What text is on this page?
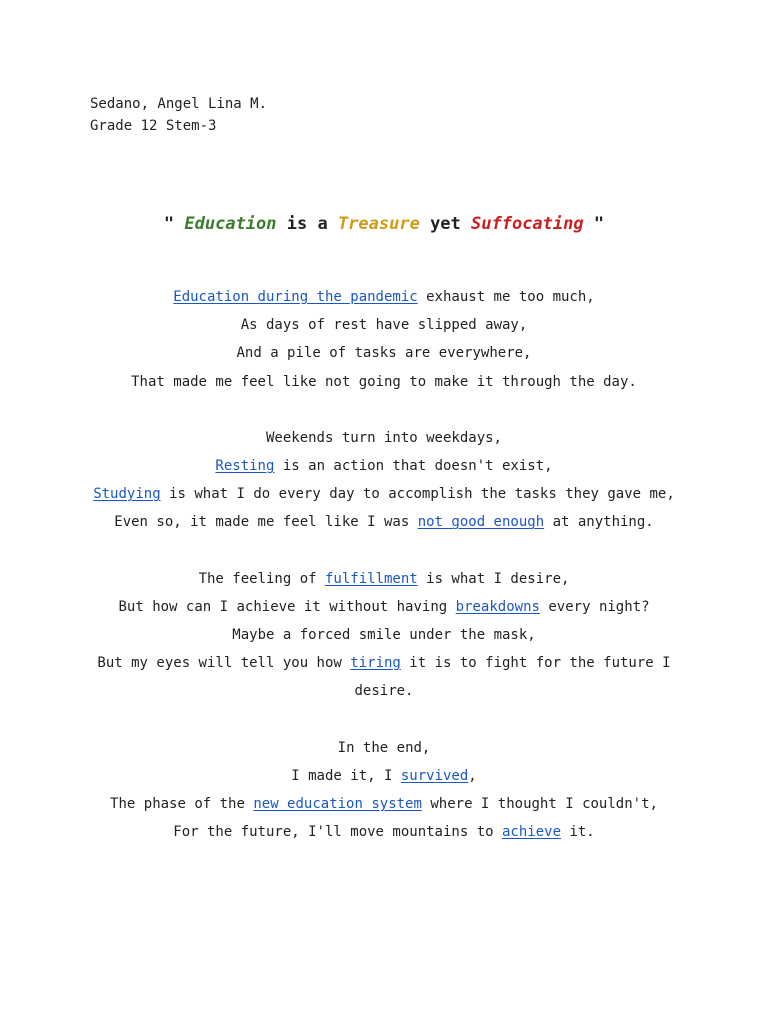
Sedano, Angel Lina M.
Grade 12 Stem-3
" Education is a Treasure yet Suffocating "
Education during the pandemic exhaust me too much,
As days of rest have slipped away,
And a pile of tasks are everywhere,
That made me feel like not going to make it through the day.
Weekends turn into weekdays,
Resting is an action that doesn't exist,
Studying is what I do every day to accomplish the tasks they gave me,
Even so, it made me feel like I was not good enough at anything.
The feeling of fulfillment is what I desire,
But how can I achieve it without having breakdowns every night?
Maybe a forced smile under the mask,
But my eyes will tell you how tiring it is to fight for the future I desire.
In the end,
I made it, I survived,
The phase of the new education system where I thought I couldn't,
For the future, I'll move mountains to achieve it.
